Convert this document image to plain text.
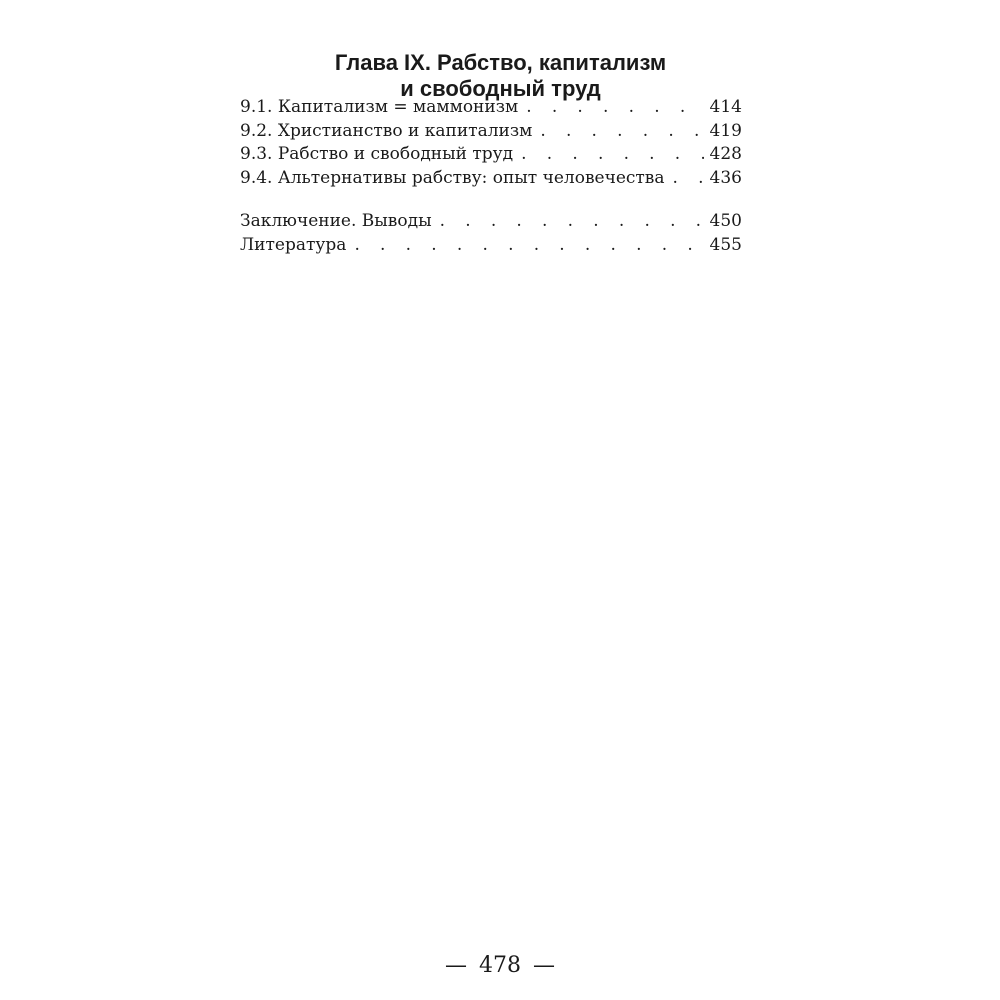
Глава IX. Рабство, капитализм
и свободный труд
9.1. Капитализм = маммонизм . . .	414
9.2. Христианство и капитализм . . .	419
9.3. Рабство и свободный труд . . .	428
9.4. Альтернативы рабству: опыт человечества . . .	436
Заключение. Выводы . . .	450
Литература . . .	455
— 478 —
